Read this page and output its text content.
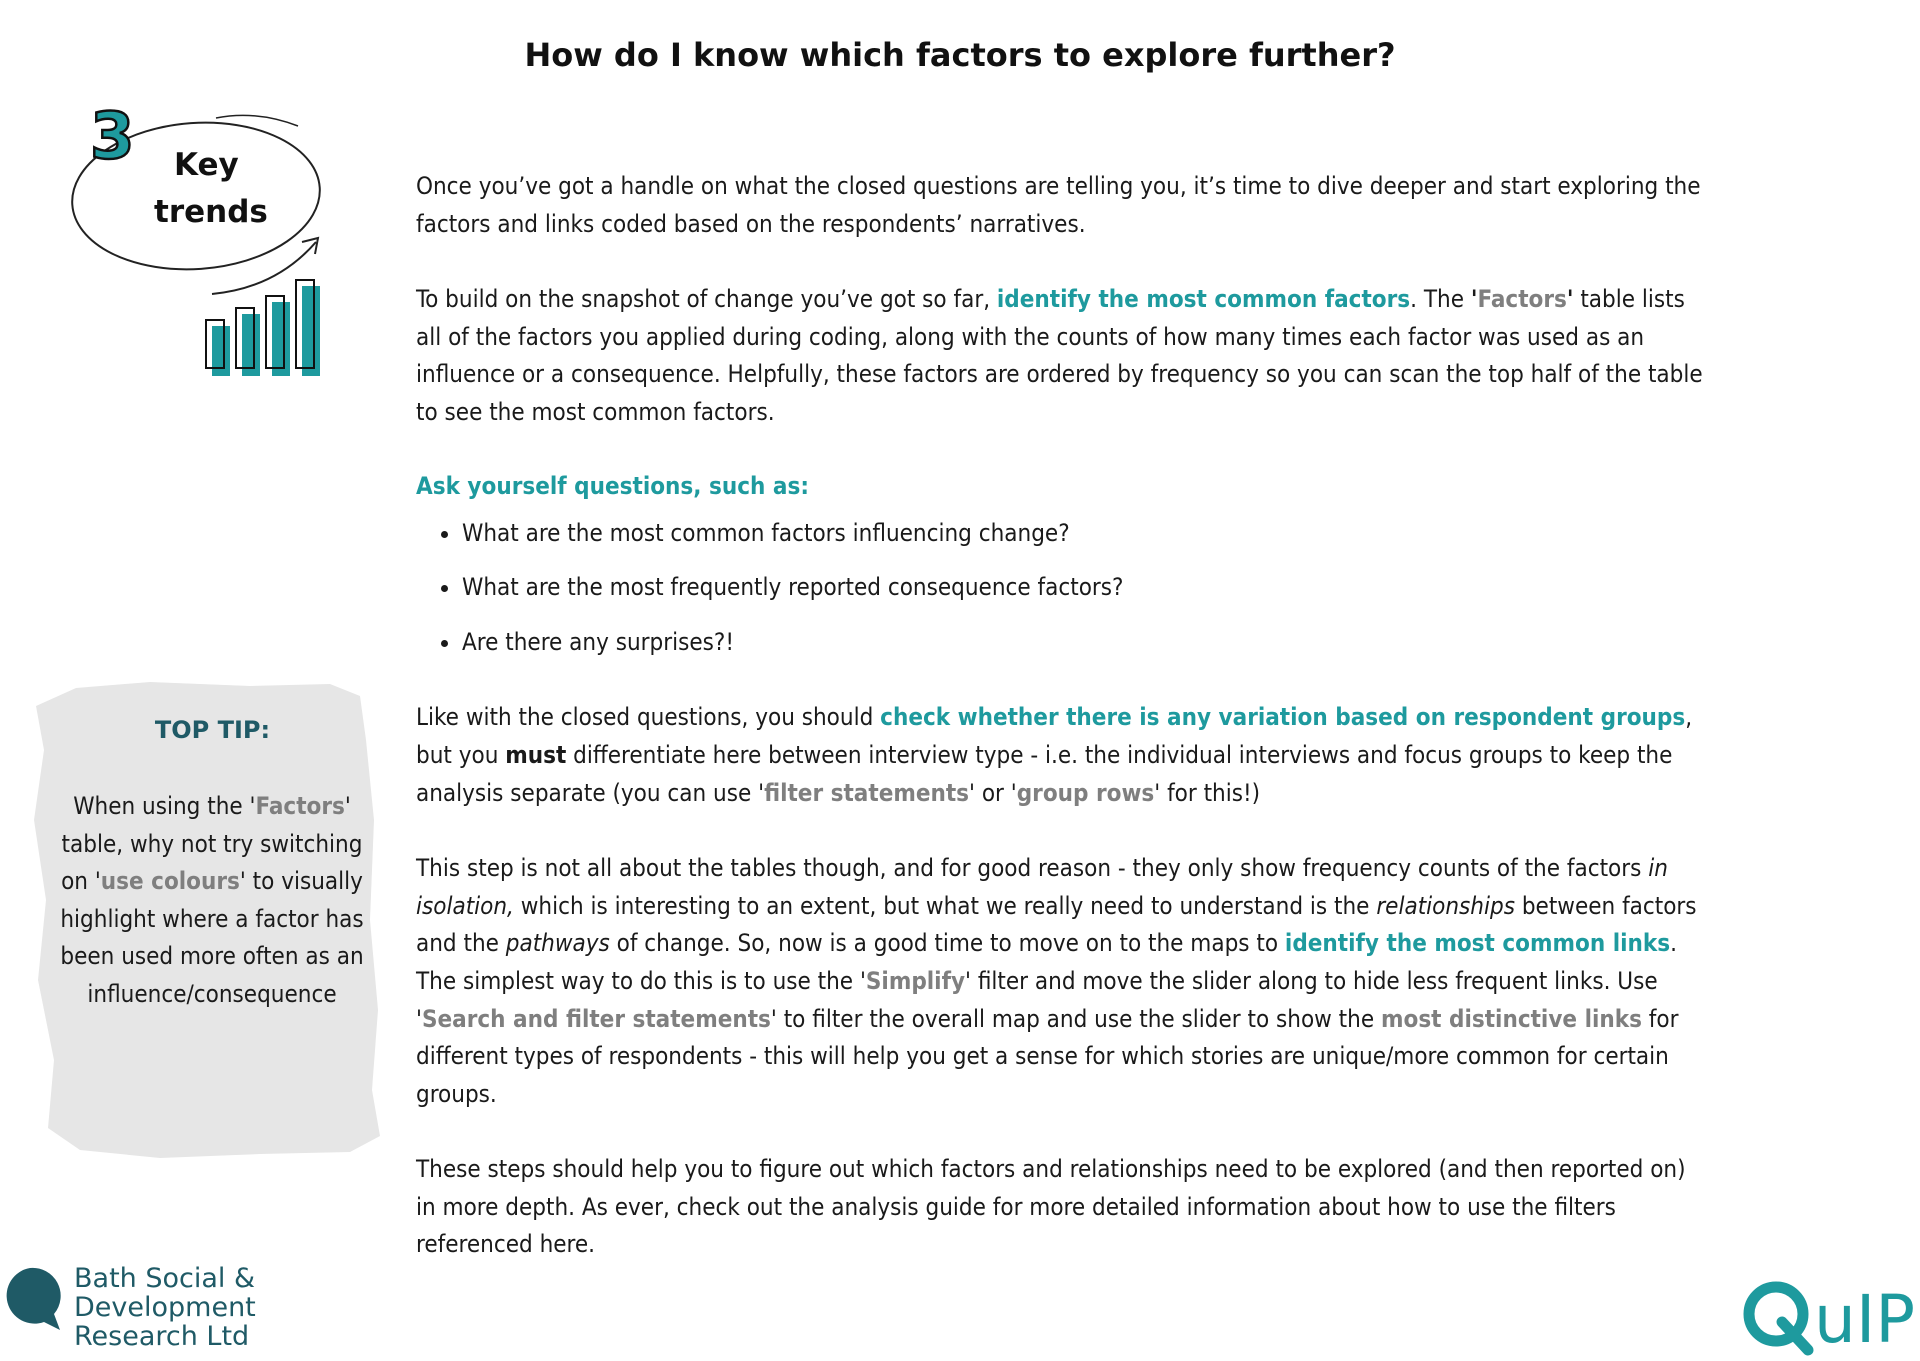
How do I know which factors to explore further?
3 Key
trends

Once you’ve got a handle on what the closed questions are telling you, it’s time to dive deeper and start exploring the factors and links coded based on the respondents’ narratives.

To build on the snapshot of change you’ve got so far, identify the most common factors. The 'Factors' table lists all of the factors you applied during coding, along with the counts of how many times each factor was used as an influence or a consequence. Helpfully, these factors are ordered by frequency so you can scan the top half of the table to see the most common factors.

Ask yourself questions, such as:
• What are the most common factors influencing change?
• What are the most frequently reported consequence factors?
• Are there any surprises?!

Like with the closed questions, you should check whether there is any variation based on respondent groups, but you must differentiate here between interview type - i.e. the individual interviews and focus groups to keep the analysis separate (you can use 'filter statements' or 'group rows' for this!)

This step is not all about the tables though, and for good reason - they only show frequency counts of the factors in isolation, which is interesting to an extent, but what we really need to understand is the relationships between factors and the pathways of change. So, now is a good time to move on to the maps to identify the most common links. The simplest way to do this is to use the 'Simplify' filter and move the slider along to hide less frequent links. Use 'Search and filter statements' to filter the overall map and use the slider to show the most distinctive links for different types of respondents - this will help you get a sense for which stories are unique/more common for certain groups.

These steps should help you to figure out which factors and relationships need to be explored (and then reported on) in more depth. As ever, check out the analysis guide for more detailed information about how to use the filters referenced here.

TOP TIP:
When using the 'Factors' table, why not try switching on 'use colours' to visually highlight where a factor has been used more often as an influence/consequence
Bath Social &
Development
Research Ltd	uIP
